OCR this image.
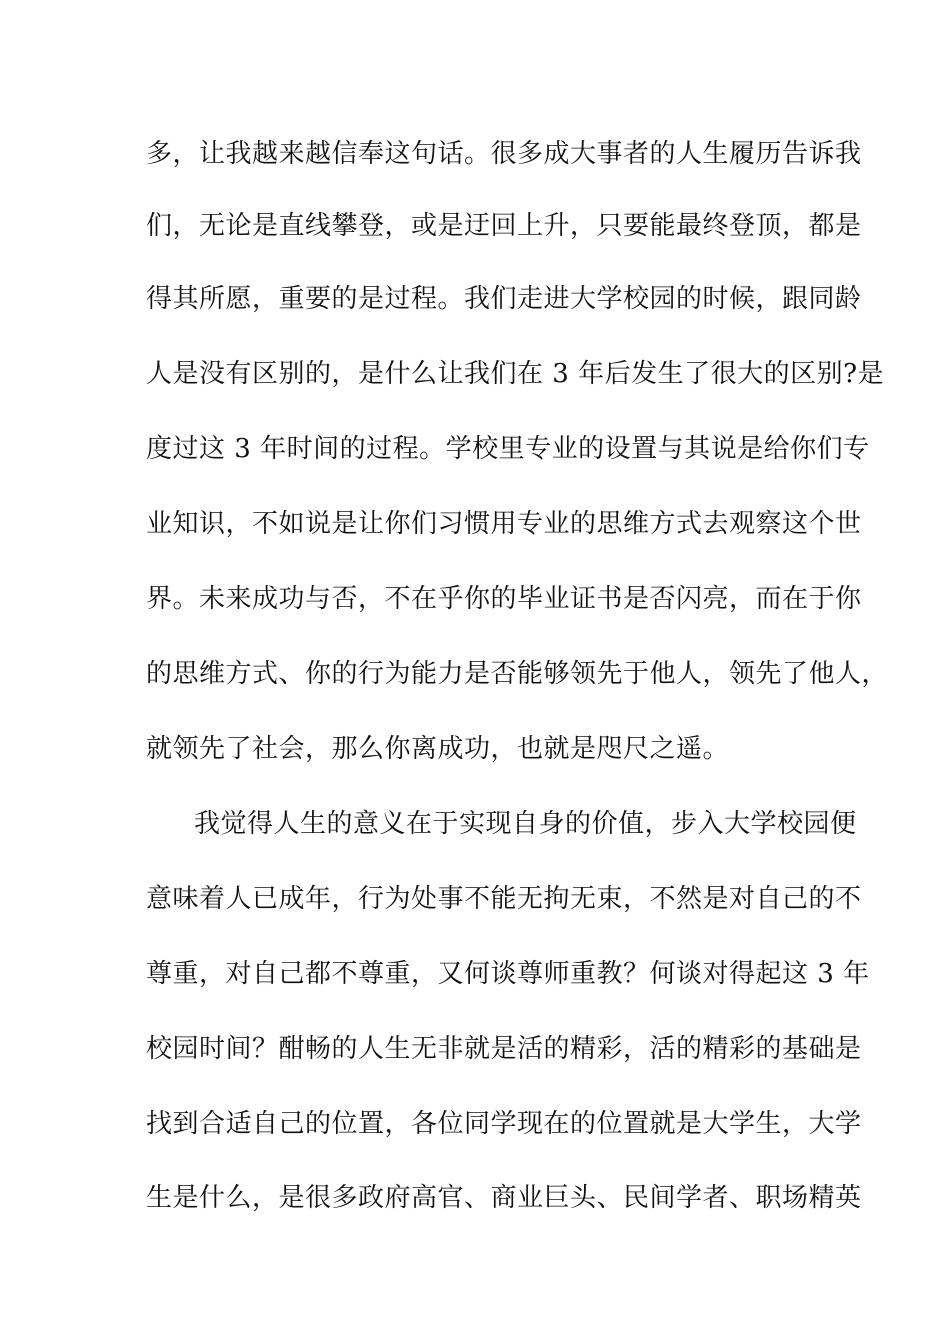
多，让我越来越信奉这句话。很多成大事者的人生履历告诉我
们，无论是直线攀登，或是迂回上升，只要能最终登顶，都是
得其所愿，重要的是过程。我们走进大学校园的时候，跟同龄
人是没有区别的，是什么让我们在 3 年后发生了很大的区别?是
度过这 3 年时间的过程。学校里专业的设置与其说是给你们专
业知识，不如说是让你们习惯用专业的思维方式去观察这个世
界。未来成功与否，不在乎你的毕业证书是否闪亮，而在于你
的思维方式、你的行为能力是否能够领先于他人，领先了他人，
就领先了社会，那么你离成功，也就是咫尺之遥。
我觉得人生的意义在于实现自身的价值，步入大学校园便
意味着人已成年，行为处事不能无拘无束，不然是对自己的不
尊重，对自己都不尊重，又何谈尊师重教？何谈对得起这 3 年
校园时间？酣畅的人生无非就是活的精彩，活的精彩的基础是
找到合适自己的位置，各位同学现在的位置就是大学生，大学
生是什么，是很多政府高官、商业巨头、民间学者、职场精英
